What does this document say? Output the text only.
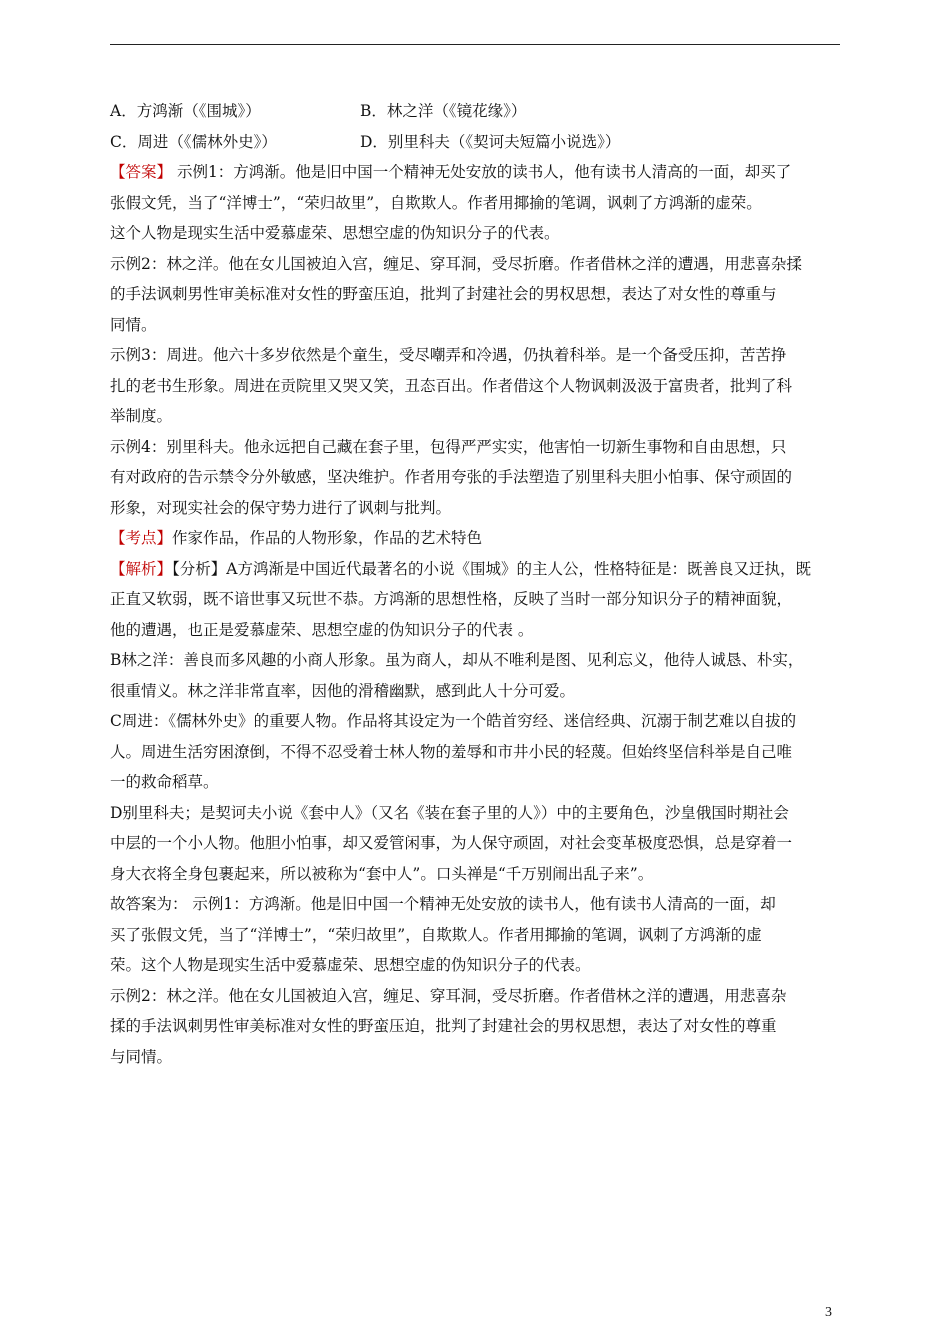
A．方鸿渐（《围城》）	B．林之洋（《镜花缘》）
C．周进（《儒林外史》）	D．别里科夫（《契诃夫短篇小说选》）
【答案】 示例1：方鸿渐。他是旧中国一个精神无处安放的读书人，他有读书人清高的一面，却买了
张假文凭，当了“洋博士”，“荣归故里”，自欺欺人。作者用揶揄的笔调，讽刺了方鸿渐的虚荣。
这个人物是现实生活中爱慕虚荣、思想空虚的伪知识分子的代表。
示例2：林之洋。他在女儿国被迫入宫，缠足、穿耳洞，受尽折磨。作者借林之洋的遭遇，用悲喜杂揉
的手法讽刺男性审美标准对女性的野蛮压迫，批判了封建社会的男权思想，表达了对女性的尊重与
同情。
示例3：周进。他六十多岁依然是个童生，受尽嘲弄和冷遇，仍执着科举。是一个备受压抑，苦苦挣
扎的老书生形象。周进在贡院里又哭又笑，丑态百出。作者借这个人物讽刺汲汲于富贵者，批判了科
举制度。
示例4：别里科夫。他永远把自己藏在套子里，包得严严实实，他害怕一切新生事物和自由思想，只
有对政府的告示禁令分外敏感，坚决维护。作者用夸张的手法塑造了别里科夫胆小怕事、保守顽固的
形象，对现实社会的保守势力进行了讽刺与批判。
【考点】作家作品，作品的人物形象，作品的艺术特色
【解析】【分析】A方鸿渐是中国近代最著名的小说《围城》的主人公，性格特征是：既善良又迂执，既
正直又软弱，既不谙世事又玩世不恭。方鸿渐的思想性格，反映了当时一部分知识分子的精神面貌，
他的遭遇，也正是爱慕虚荣、思想空虚的伪知识分子的代表 。
B林之洋：善良而多风趣的小商人形象。虽为商人，却从不唯利是图、见利忘义，他待人诚恳、朴实，
很重情义。林之洋非常直率，因他的滑稽幽默，感到此人十分可爱。
C周进：《儒林外史》的重要人物。作品将其设定为一个皓首穷经、迷信经典、沉溺于制艺难以自拔的
人。周进生活穷困潦倒，不得不忍受着士林人物的羞辱和市井小民的轻蔑。但始终坚信科举是自己唯
一的救命稻草。
D别里科夫；是契诃夫小说《套中人》（又名《装在套子里的人》）中的主要角色，沙皇俄国时期社会
中层的一个小人物。他胆小怕事，却又爱管闲事，为人保守顽固，对社会变革极度恐惧，总是穿着一
身大衣将全身包裹起来，所以被称为“套中人”。口头禅是“千万别闹出乱子来”。
故答案为： 示例1：方鸿渐。他是旧中国一个精神无处安放的读书人，他有读书人清高的一面，却
买了张假文凭，当了“洋博士”，“荣归故里”，自欺欺人。作者用揶揄的笔调，讽刺了方鸿渐的虚
荣。这个人物是现实生活中爱慕虚荣、思想空虚的伪知识分子的代表。
示例2：林之洋。他在女儿国被迫入宫，缠足、穿耳洞，受尽折磨。作者借林之洋的遭遇，用悲喜杂
揉的手法讽刺男性审美标准对女性的野蛮压迫，批判了封建社会的男权思想，表达了对女性的尊重
与同情。
3
